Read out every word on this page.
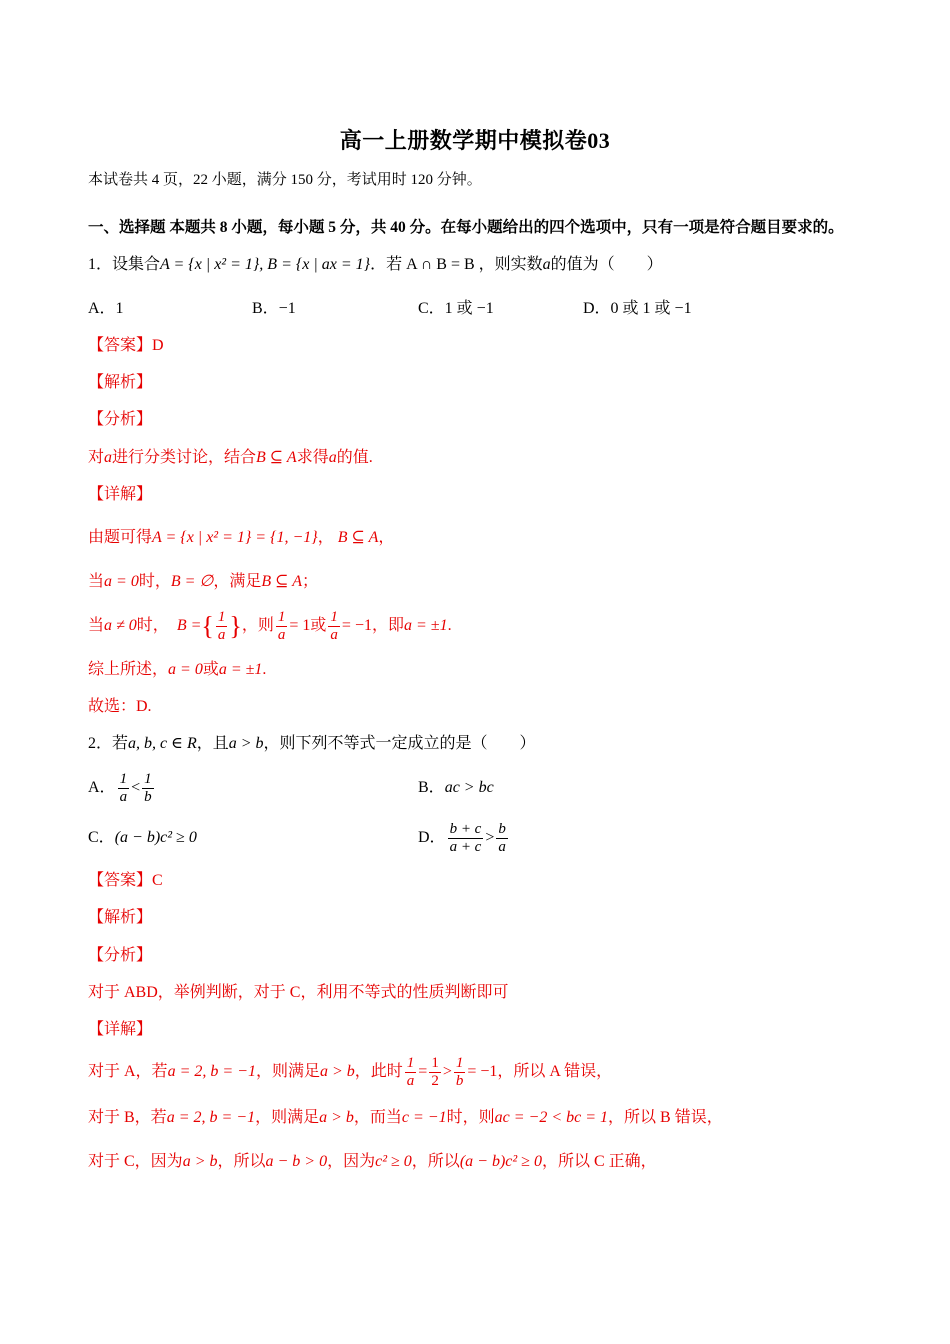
高一上册数学期中模拟卷03
本试卷共 4 页，22 小题，满分 150 分，考试用时 120 分钟。
一、选择题 本题共 8 小题，每小题 5 分，共 40 分。在每小题给出的四个选项中，只有一项是符合题目要求的。
1．设集合A = {x | x² = 1}, B = {x | ax = 1}．若 A ∩ B = B ，则实数a的值为（　　）
A．1	B．−1	C．1 或 −1	D．0 或 1 或 −1
【答案】D
【解析】
【分析】
对a进行分类讨论，结合B ⊆ A求得a的值.
【详解】
由题可得A = {x | x² = 1} = {1, −1}， B ⊆ A，
当a = 0时，B = ∅，满足B ⊆ A；
当a ≠ 0时， B ={ $\frac{1}{a}$ }，则 $\frac{1}{a} = 1$或 $\frac{1}{a} = -1$，即a = ±1.
综上所述，a = 0或a = ±1.
故选：D.
2．若a, b, c ∈ R，且a > b，则下列不等式一定成立的是（　　）
A． $\frac{1}{a} < \frac{1}{b}$	B．ac > bc
C．(a − b)c² ≥ 0	D． $\frac{b + c}{a + c} > \frac{b}{a}$
【答案】C
【解析】
【分析】
对于 ABD，举例判断，对于 C，利用不等式的性质判断即可
【详解】
对于 A，若a = 2, b = −1，则满足a > b，此时 $\frac{1}{a} = \frac{1}{2} > \frac{1}{b} = -1$，所以 A 错误，
对于 B，若a = 2, b = −1，则满足a > b，而当c = −1时，则ac = −2 < bc = 1，所以 B 错误，
对于 C，因为a > b，所以a − b > 0，因为c² ≥ 0，所以(a − b)c² ≥ 0，所以 C 正确，
